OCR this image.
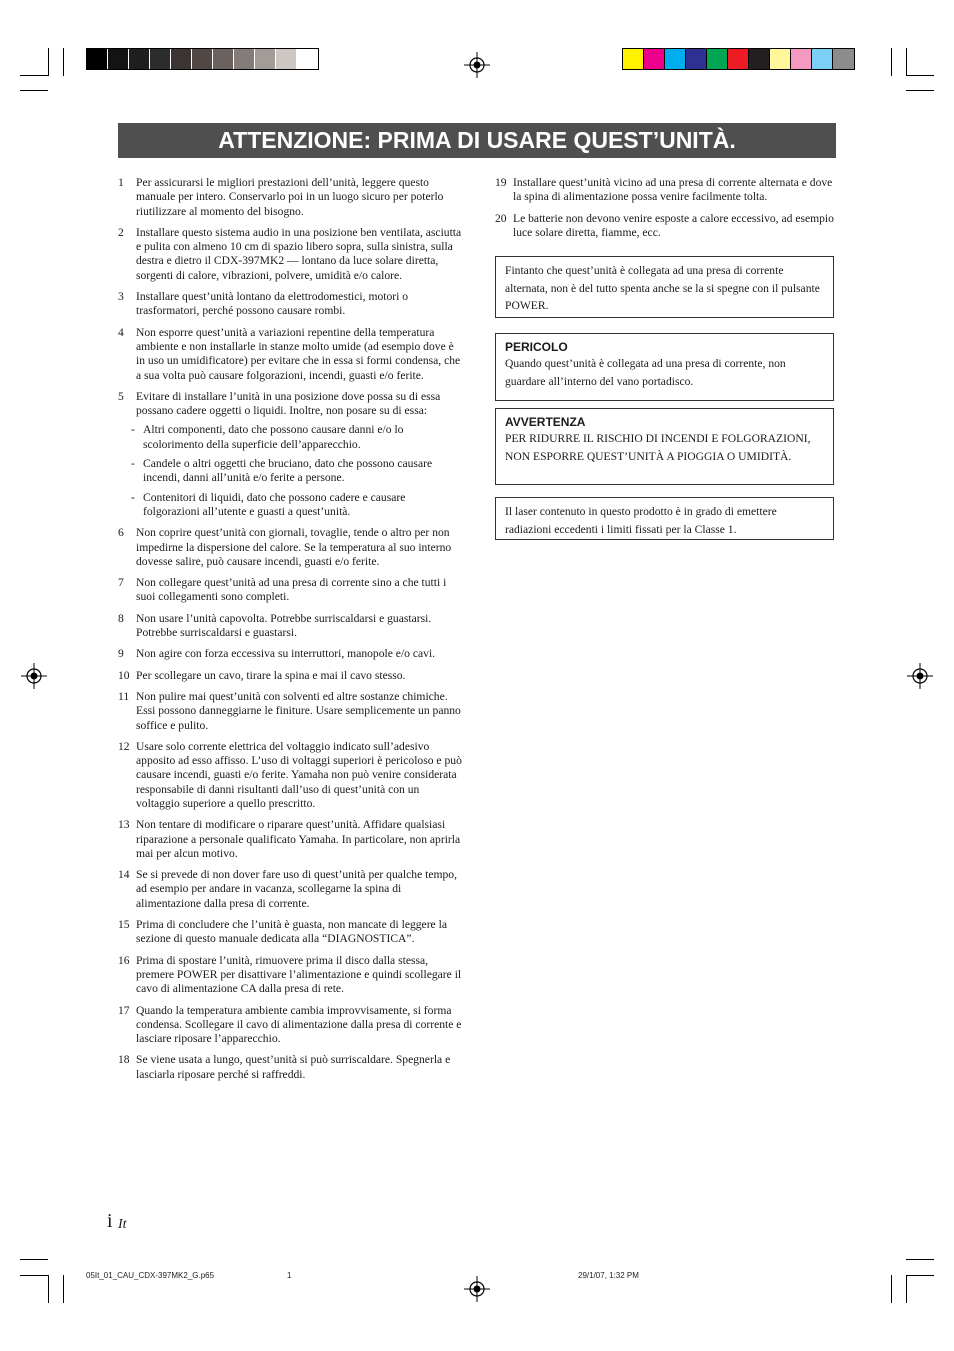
ATTENZIONE: PRIMA DI USARE QUEST’UNITÀ.
1 Per assicurarsi le migliori prestazioni dell’unità, leggere questo manuale per intero. Conservarlo poi in un luogo sicuro per poterlo riutilizzare al momento del bisogno.
2 Installare questo sistema audio in una posizione ben ventilata, asciutta e pulita con almeno 10 cm di spazio libero sopra, sulla sinistra, sulla destra e dietro il CDX-397MK2 — lontano da luce solare diretta, sorgenti di calore, vibrazioni, polvere, umidità e/o calore.
3 Installare quest’unità lontano da elettrodomestici, motori o trasformatori, perché possono causare rombi.
4 Non esporre quest’unità a variazioni repentine della temperatura ambiente e non installarle in stanze molto umide (ad esempio dove è in uso un umidificatore) per evitare che in essa si formi condensa, che a sua volta può causare folgorazioni, incendi, guasti e/o ferite.
5 Evitare di installare l’unità in una posizione dove possa su di essa possano cadere oggetti o liquidi. Inoltre, non posare su di essa:
- Altri componenti, dato che possono causare danni e/o lo scolorimento della superficie dell’apparecchio.
- Candele o altri oggetti che bruciano, dato che possono causare incendi, danni all’unità e/o ferite a persone.
- Contenitori di liquidi, dato che possono cadere e causare folgorazioni all’utente e guasti a quest’unità.
6 Non coprire quest’unità con giornali, tovaglie, tende o altro per non impedirne la dispersione del calore. Se la temperatura al suo interno dovesse salire, può causare incendi, guasti e/o ferite.
7 Non collegare quest’unità ad una presa di corrente sino a che tutti i suoi collegamenti sono completi.
8 Non usare l’unità capovolta. Potrebbe surriscaldarsi e guastarsi. Potrebbe surriscaldarsi e guastarsi.
9 Non agire con forza eccessiva su interruttori, manopole e/o cavi.
10 Per scollegare un cavo, tirare la spina e mai il cavo stesso.
11 Non pulire mai quest’unità con solventi ed altre sostanze chimiche. Essi possono danneggiarne le finiture. Usare semplicemente un panno soffice e pulito.
12 Usare solo corrente elettrica del voltaggio indicato sull’adesivo apposito ad esso affisso. L’uso di voltaggi superiori è pericoloso e può causare incendi, guasti e/o ferite. Yamaha non può venire considerata responsabile di danni risultanti dall’uso di quest’unità con un voltaggio superiore a quello prescritto.
13 Non tentare di modificare o riparare quest’unità. Affidare qualsiasi riparazione a personale qualificato Yamaha. In particolare, non aprirla mai per alcun motivo.
14 Se si prevede di non dover fare uso di quest’unità per qualche tempo, ad esempio per andare in vacanza, scollegarne la spina di alimentazione dalla presa di corrente.
15 Prima di concludere che l’unità è guasta, non mancate di leggere la sezione di questo manuale dedicata alla “DIAGNOSTICA”.
16 Prima di spostare l’unità, rimuovere prima il disco dalla stessa, premere POWER per disattivare l’alimentazione e quindi scollegare il cavo di alimentazione CA dalla presa di rete.
17 Quando la temperatura ambiente cambia improvvisamente, si forma condensa. Scollegare il cavo di alimentazione dalla presa di corrente e lasciare riposare l’apparecchio.
18 Se viene usata a lungo, quest’unità si può surriscaldare. Spegnerla e lasciarla riposare perché si raffreddi.
19 Installare quest’unità vicino ad una presa di corrente alternata e dove la spina di alimentazione possa venire facilmente tolta.
20 Le batterie non devono venire esposte a calore eccessivo, ad esempio luce solare diretta, fiamme, ecc.
Fintanto che quest’unità è collegata ad una presa di corrente alternata, non è del tutto spenta anche se la si spegne con il pulsante POWER.
PERICOLO
Quando quest’unità è collegata ad una presa di corrente, non guardare all’interno del vano portadisco.
AVVERTENZA
PER RIDURRE IL RISCHIO DI INCENDI E FOLGORAZIONI, NON ESPORRE QUEST’UNITÀ A PIOGGIA O UMIDITÀ.
Il laser contenuto in questo prodotto è in grado di emettere radiazioni eccedenti i limiti fissati per la Classe 1.
i It
05It_01_CAU_CDX-397MK2_G.p65	1	29/1/07, 1:32 PM
